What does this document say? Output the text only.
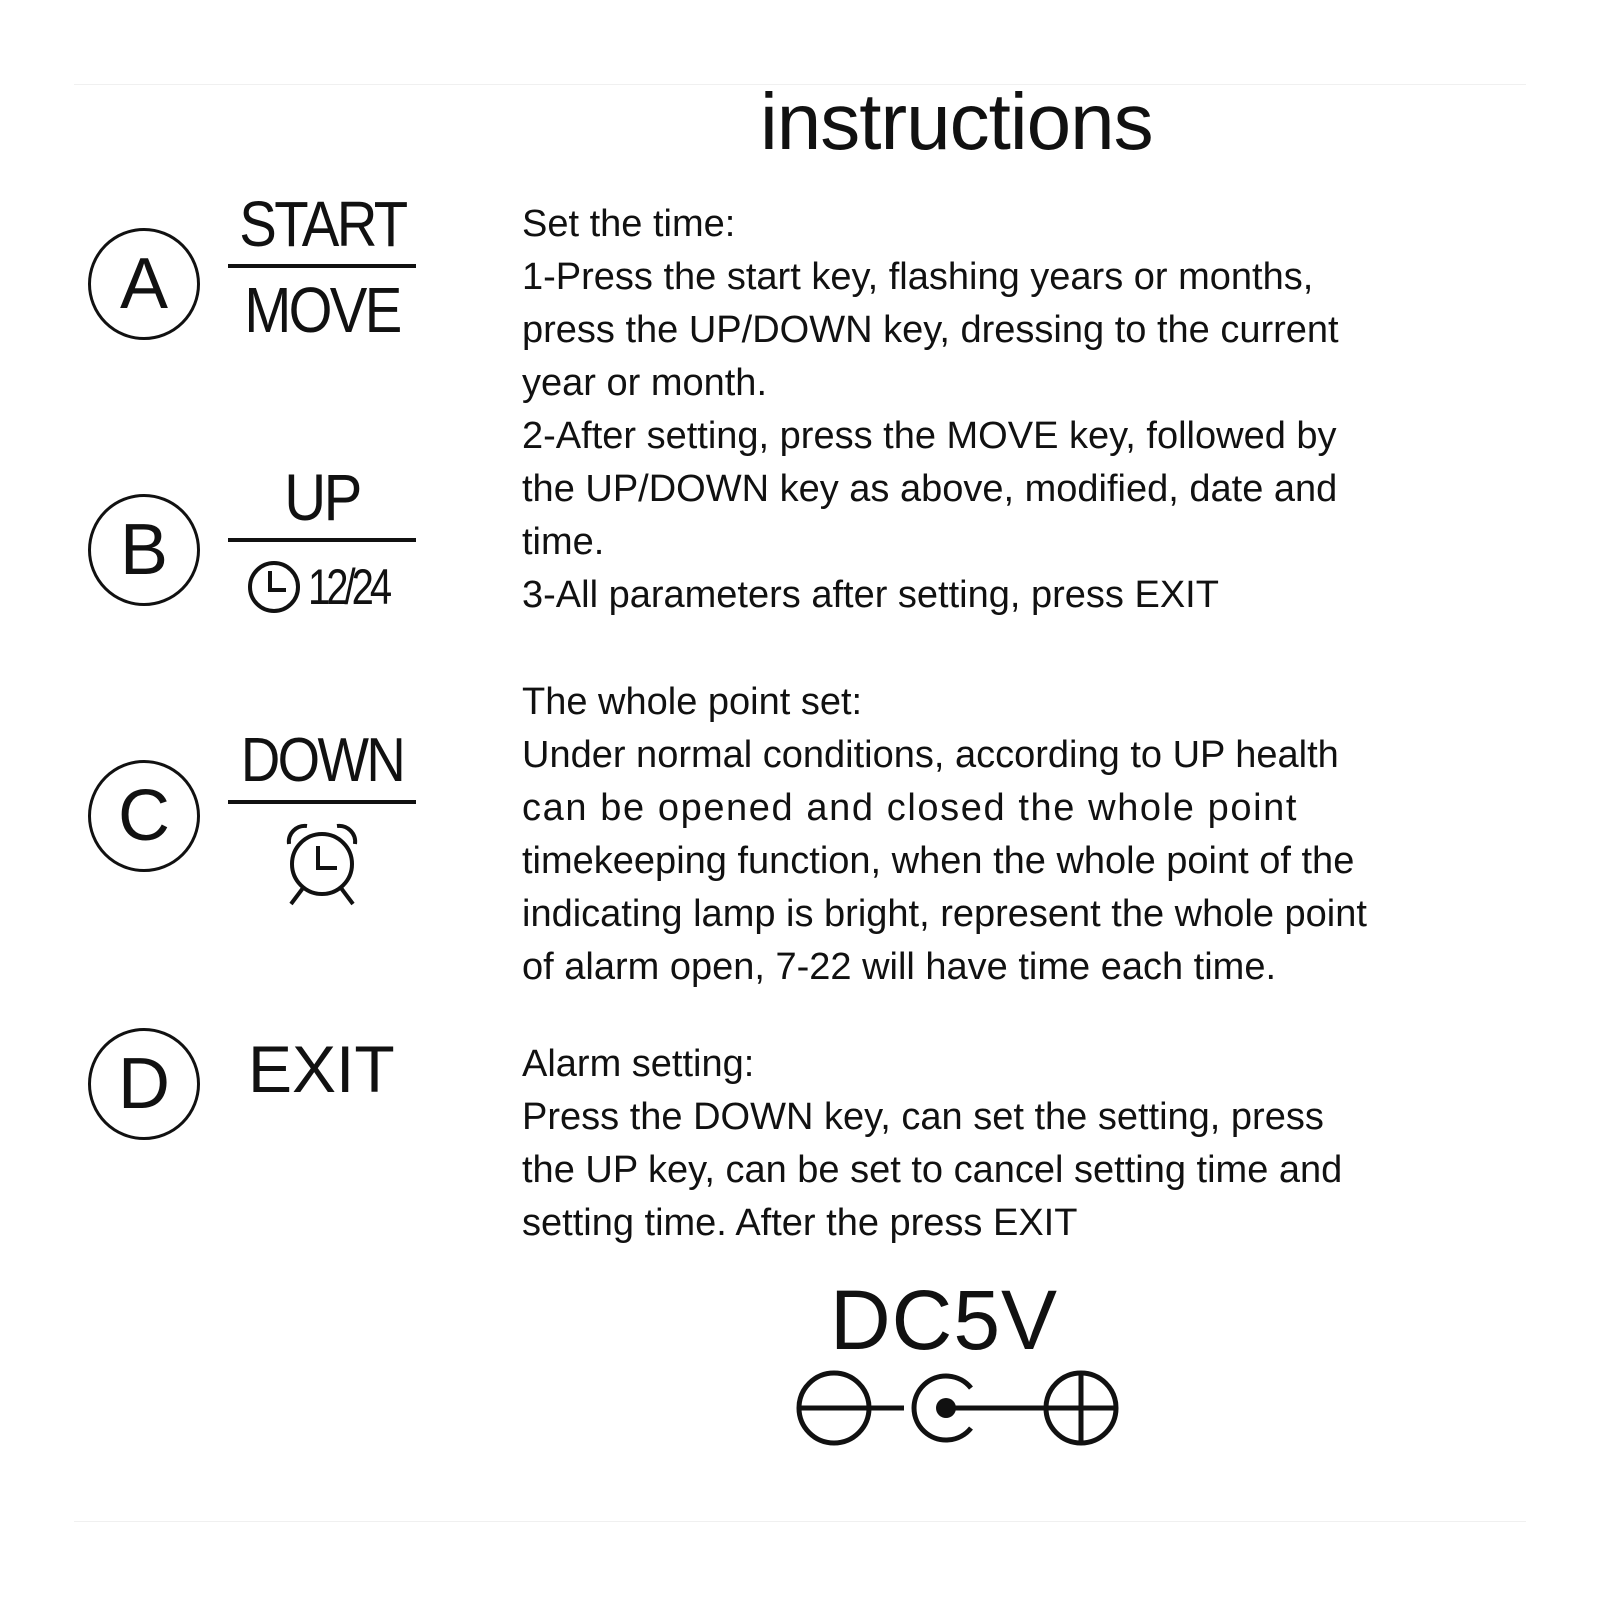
instructions
A
START
MOVE
B
UP
12/24
C
DOWN
D	EXIT

Set the time:

1-Press the start key, flashing years or months,

press the UP/DOWN key, dressing to the current

year or month.

2-After setting, press the MOVE key, followed by

the UP/DOWN key as above, modified, date and

time.

3-All parameters after setting, press EXIT

The whole point set:

Under normal conditions, according to UP health

can be opened and closed the whole point

timekeeping function, when the whole point of the

indicating lamp is bright, represent the whole point

of alarm open, 7-22 will have time each time.

Alarm setting:

Press the DOWN key, can set the setting, press

the UP key, can be set to cancel setting time and

setting time. After the press EXIT

DC5V
